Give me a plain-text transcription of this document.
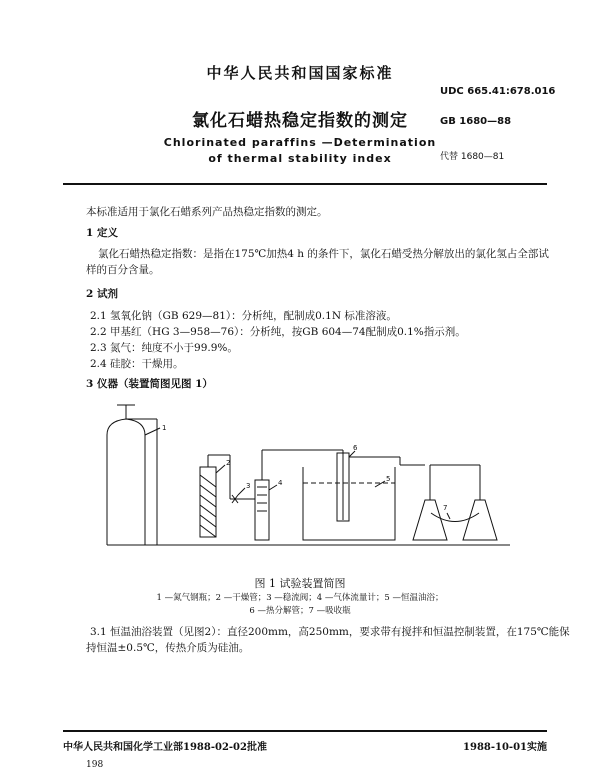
中华人民共和国国家标准
UDC 665.41:678.016
氯化石蜡热稳定指数的测定	GB 1680—88
Chlorinated paraffins —Determination
of thermal stability index	代替 1680—81
本标准适用于氯化石蜡系列产品热稳定指数的测定。
1 定义
氯化石蜡热稳定指数：是指在175℃加热4 h 的条件下，氯化石蜡受热分解放出的氯化氢占全部试
样的百分含量。
2 试剂
2.1 氢氧化钠（GB 629—81）：分析纯，配制成0.1N 标准溶液。
2.2 甲基红（HG 3—958—76）：分析纯，按GB 604—74配制成0.1%指示剂。
2.3 氮气：纯度不小于99.9%。
2.4 硅胶：干燥用。
3 仪器（装置简图见图 1）
1
2
3	4	5
6
7
图 1 试验装置简图
1 —氮气钢瓶；2 —干燥管；3 —稳流阀；4 —气体流量计；5 —恒温油浴；
6 —热分解管；7 —吸收瓶
3.1 恒温油浴装置（见图2）：直径200mm，高250mm，要求带有搅拌和恒温控制装置，在175℃能保
持恒温±0.5℃，传热介质为硅油。
中华人民共和国化学工业部1988-02-02批准	1988-10-01实施
198
